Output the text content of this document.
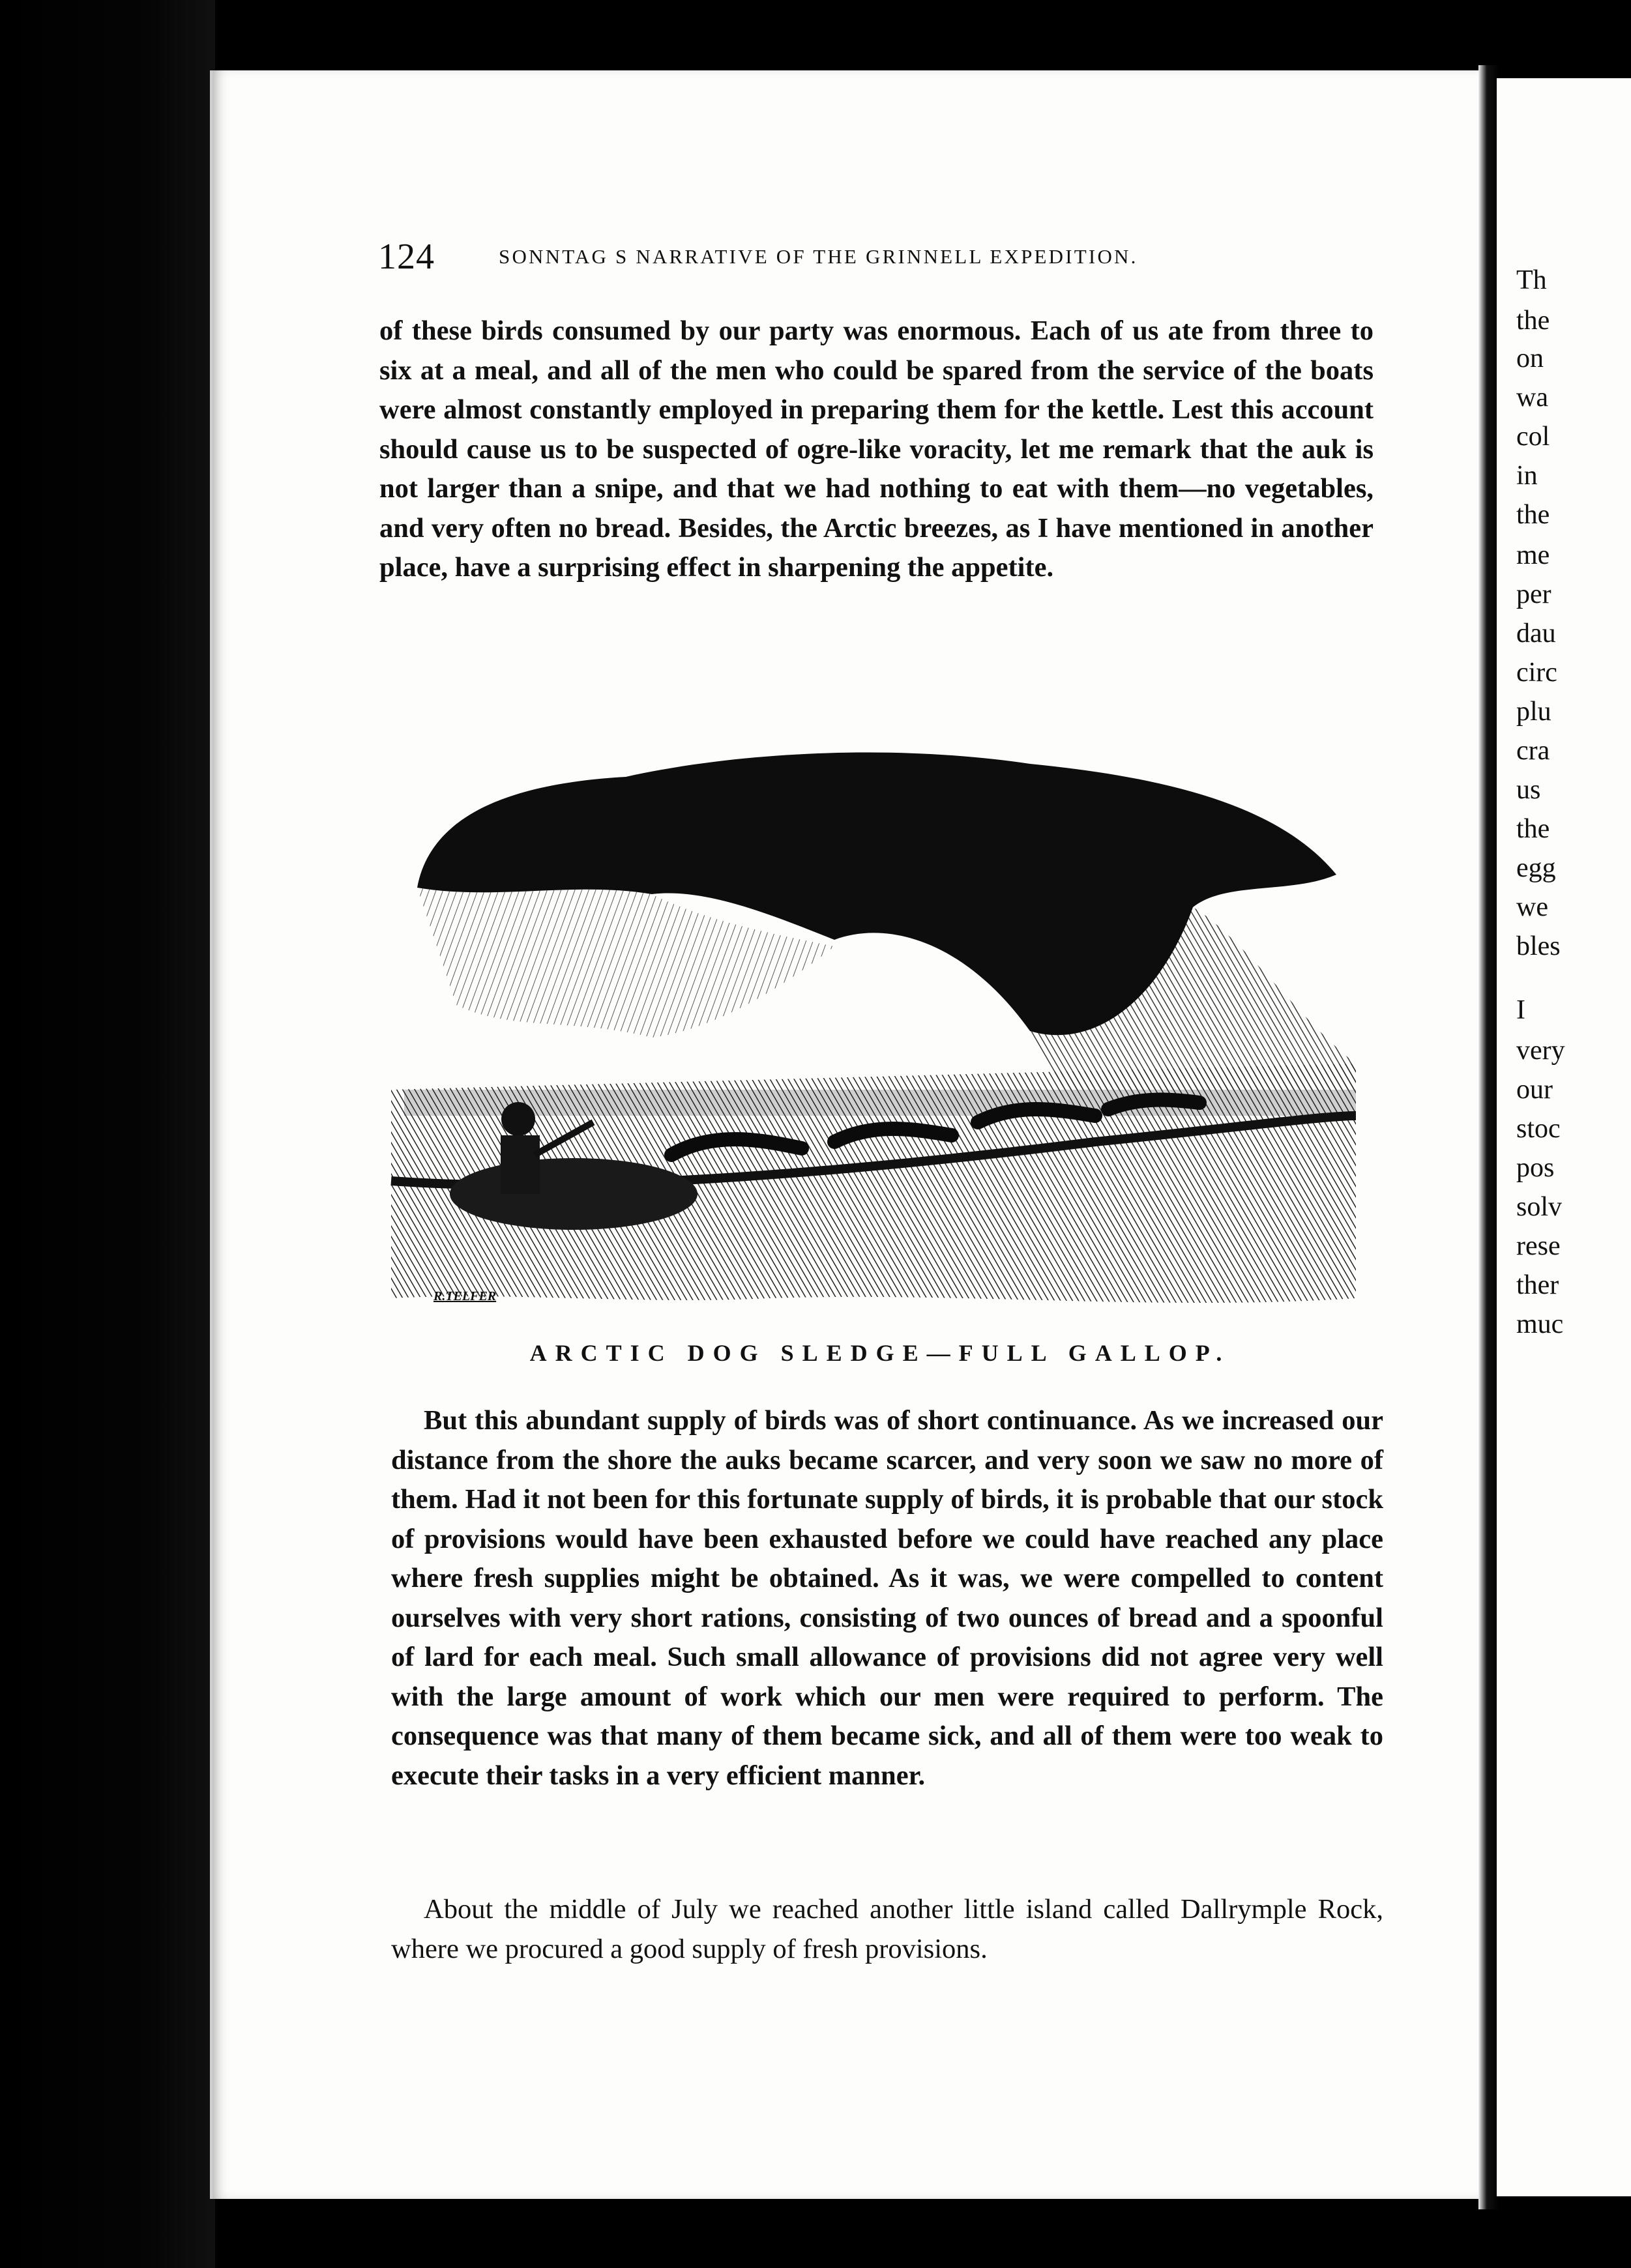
Th
the
on
wa
col
in
the
me
per
dau
circ
plu
cra
us
the
egg
we
bles
I
very
our
stoc
pos
solv
rese
ther
muc
124	SONNTAG S NARRATIVE OF THE GRINNELL EXPEDITION.
of these birds consumed by our party was enormous. Each of us ate from three to six at a meal, and all of the men who could be spared from the service of the boats were almost constantly employed in preparing them for the kettle. Lest this account should cause us to be suspected of ogre-like voracity, let me remark that the auk is not larger than a snipe, and that we had nothing to eat with them—no vegetables, and very often no bread. Besides, the Arctic breezes, as I have mentioned in another place, have a surprising effect in sharpening the appetite.
R.TELFER
ARCTIC DOG SLEDGE—FULL GALLOP.
But this abundant supply of birds was of short continuance. As we increased our distance from the shore the auks became scarcer, and very soon we saw no more of them. Had it not been for this fortunate supply of birds, it is probable that our stock of provisions would have been exhausted before we could have reached any place where fresh supplies might be obtained. As it was, we were compelled to content ourselves with very short rations, consisting of two ounces of bread and a spoonful of lard for each meal. Such small allowance of provisions did not agree very well with the large amount of work which our men were required to perform. The consequence was that many of them became sick, and all of them were too weak to execute their tasks in a very efficient manner.
About the middle of July we reached another little island called Dallrymple Rock, where we procured a good supply of fresh provisions.
